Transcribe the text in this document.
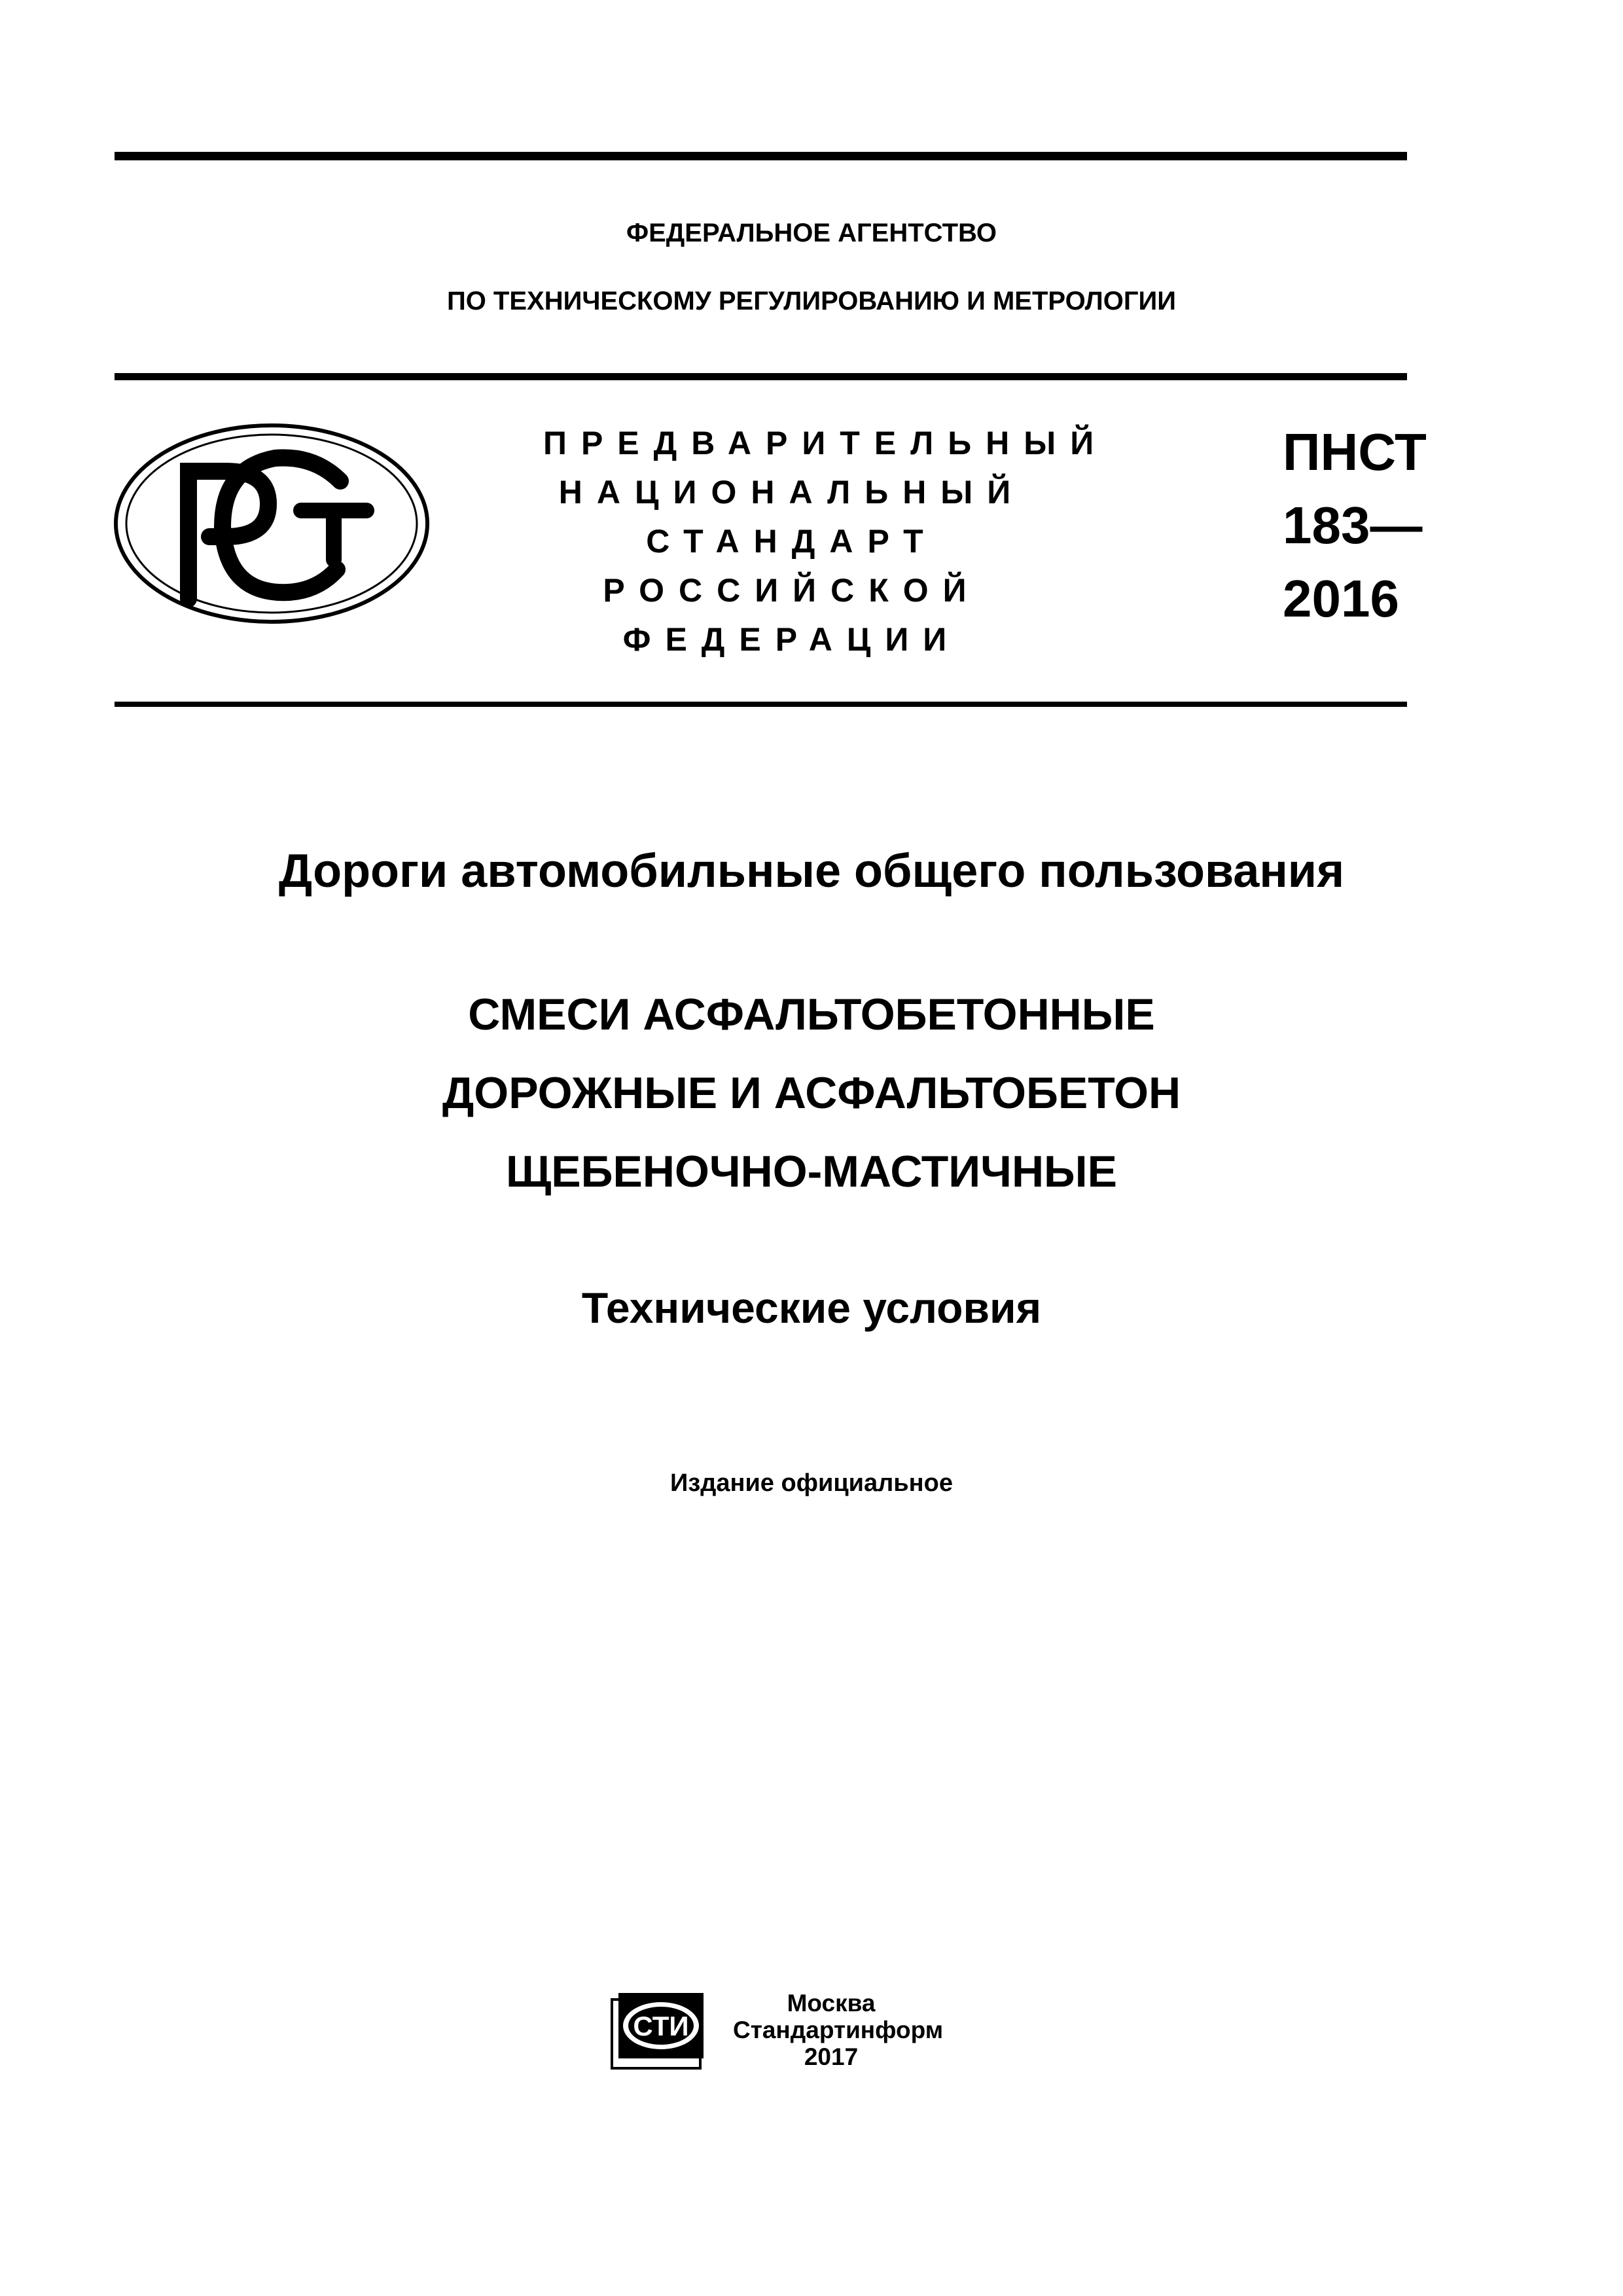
ФЕДЕРАЛЬНОЕ АГЕНТСТВО
ПО ТЕХНИЧЕСКОМУ РЕГУЛИРОВАНИЮ И МЕТРОЛОГИИ
ПРЕДВАРИТЕЛЬНЫЙ
НАЦИОНАЛЬНЫЙ
СТАНДАРТ
РОССИЙСКОЙ
ФЕДЕРАЦИИ
ПНСТ
183—
2016
Дороги автомобильные общего пользования
СМЕСИ АСФАЛЬТОБЕТОННЫЕ
ДОРОЖНЫЕ И АСФАЛЬТОБЕТОН
ЩЕБЕНОЧНО-МАСТИЧНЫЕ
Технические условия
Издание официальное
СТИ
Москва
Стандартинформ
2017
